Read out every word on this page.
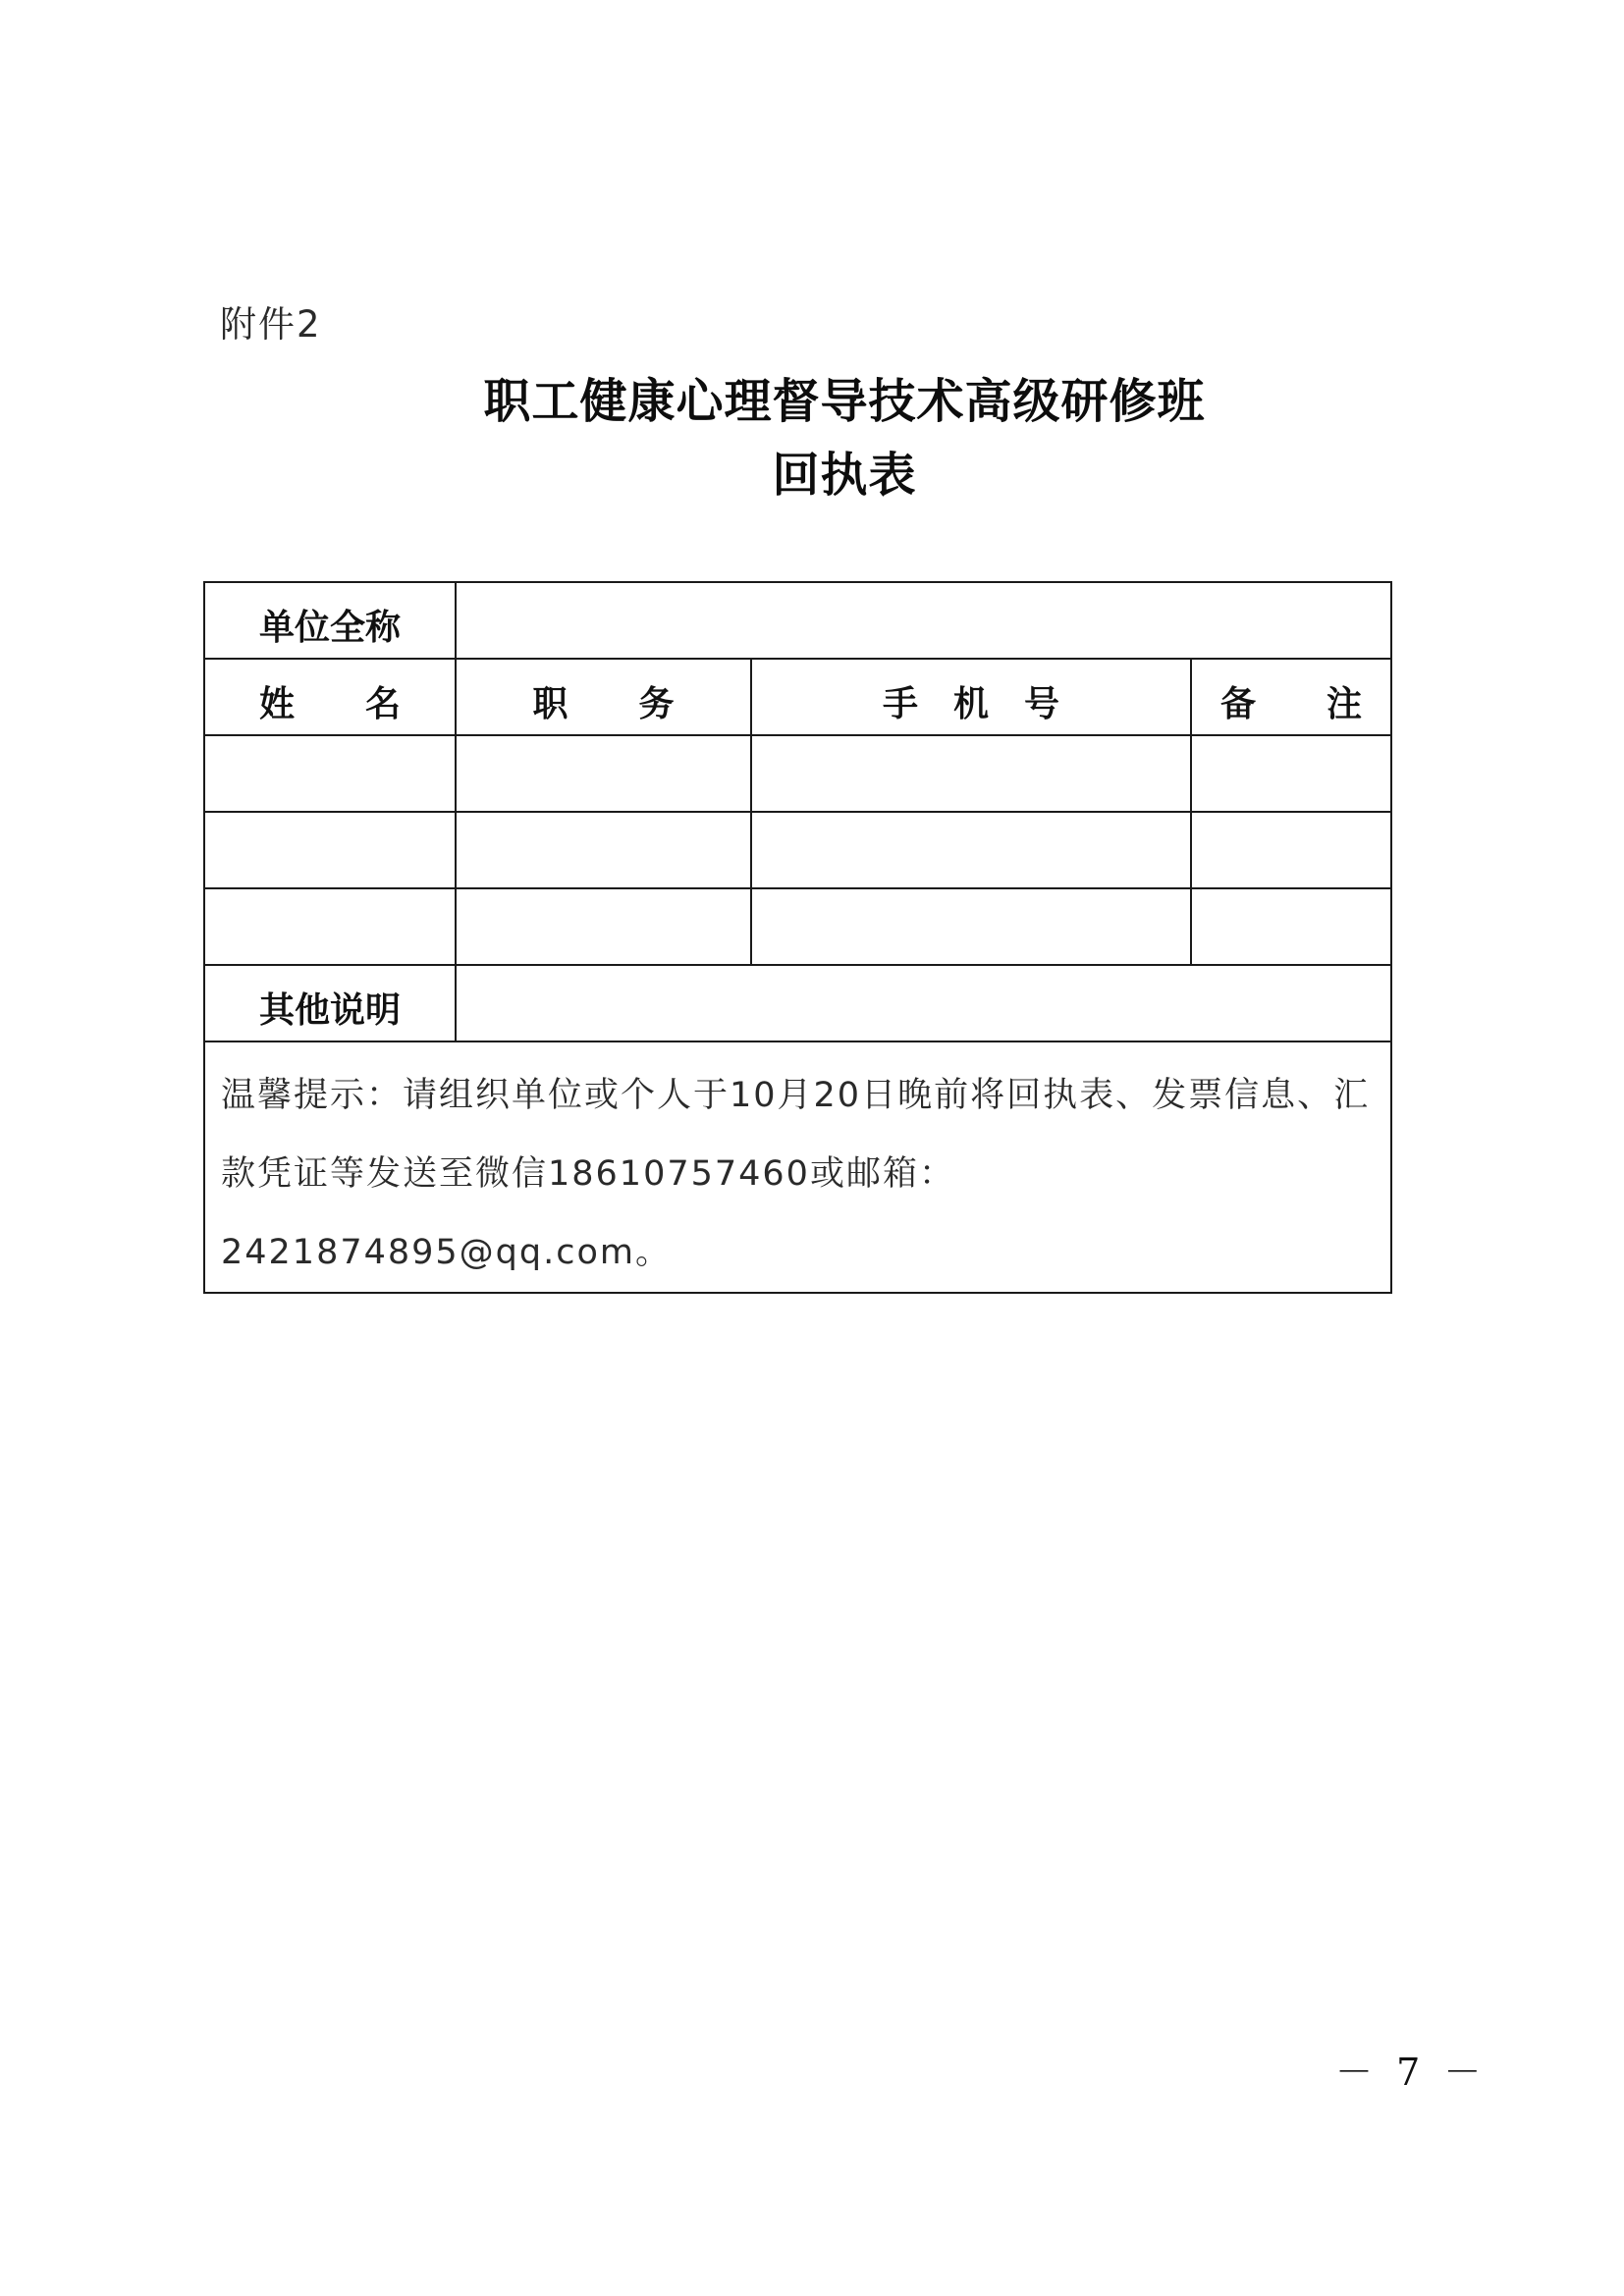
附件2
职工健康心理督导技术高级研修班
回执表
单位全称			
姓　　名	职　　务	手　机　号	备　　注

其他说明			
温馨提示：请组织单位或个人于10月20日晚前将回执表、发票信息、汇款凭证等发送至微信18610757460或邮箱：2421874895@qq.com。			
－ 7 －
